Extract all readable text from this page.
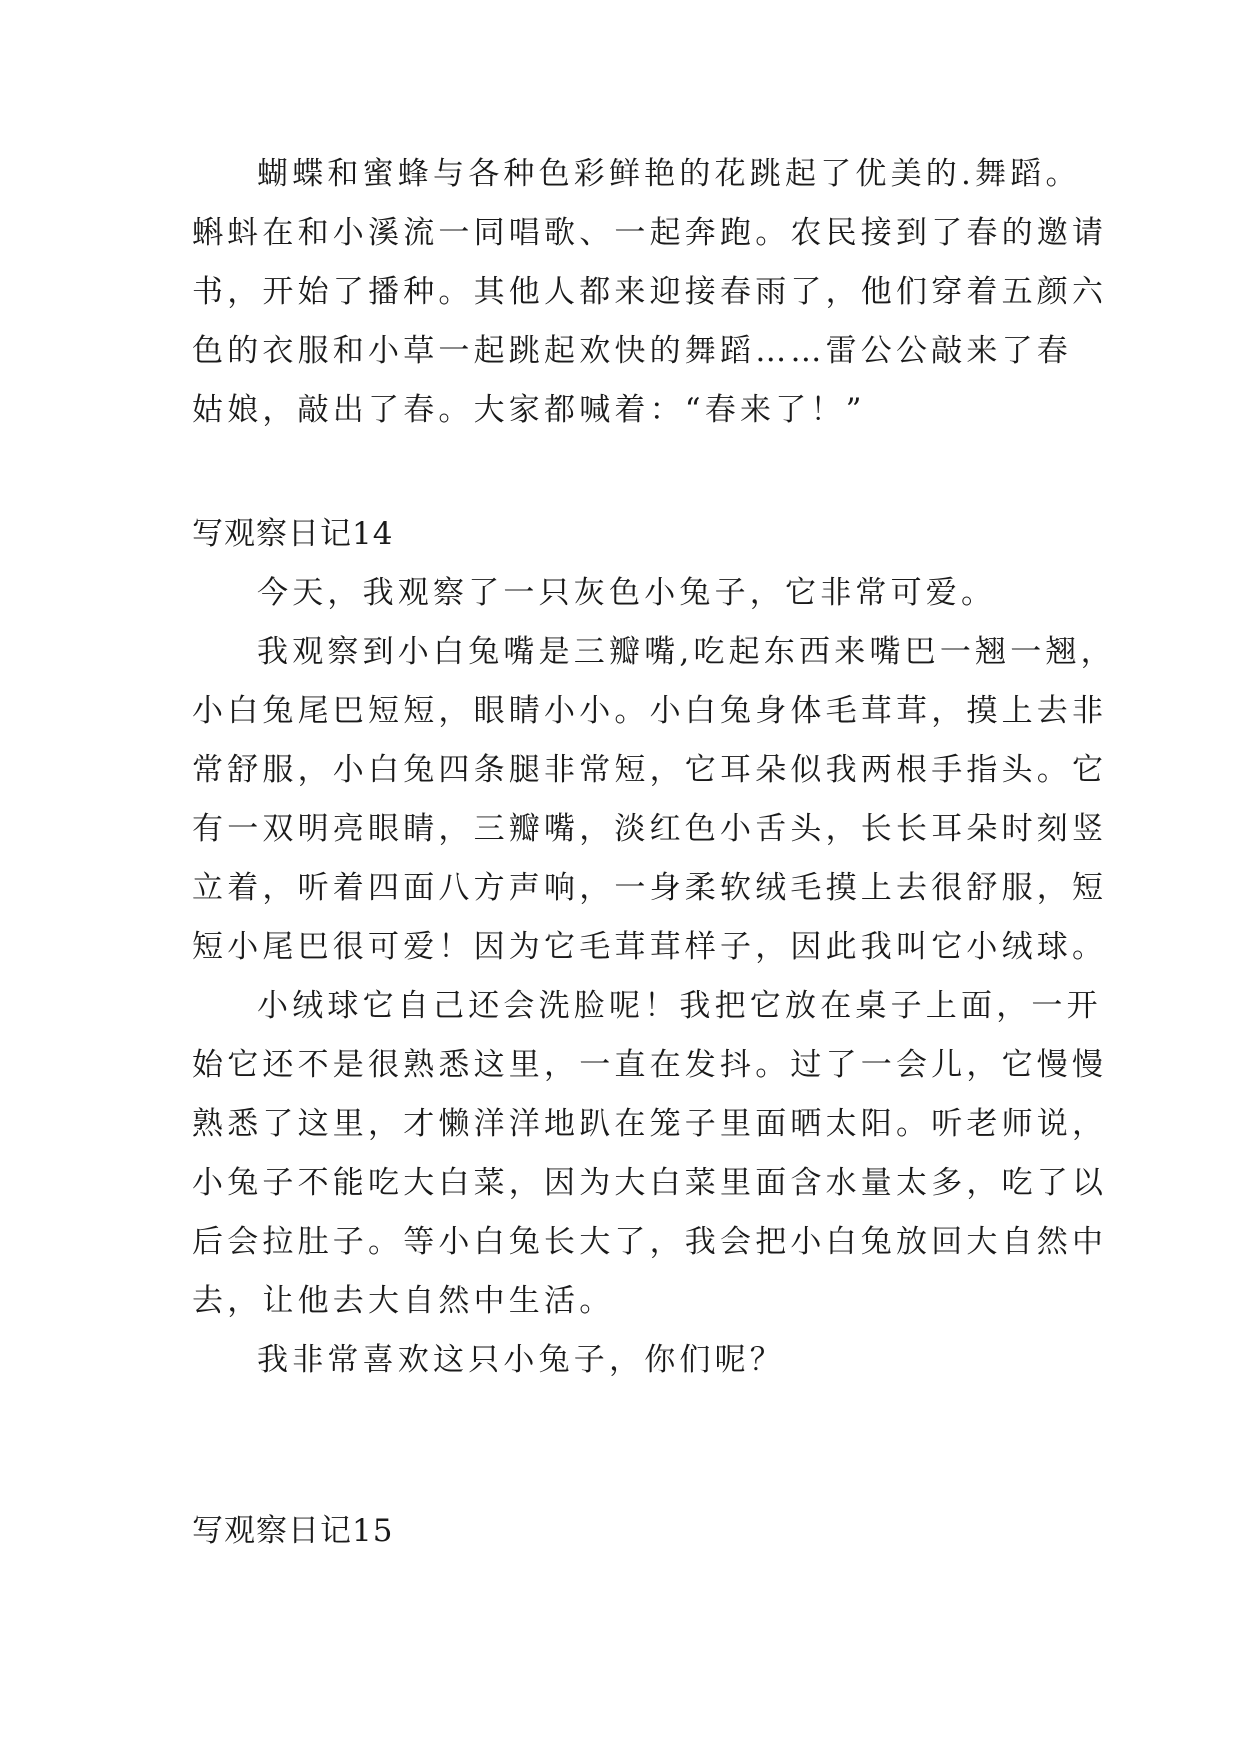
蝴蝶和蜜蜂与各种色彩鲜艳的花跳起了优美的.舞蹈。

蝌蚪在和小溪流一同唱歌、一起奔跑。农民接到了春的邀请

书，开始了播种。其他人都来迎接春雨了，他们穿着五颜六

色的衣服和小草一起跳起欢快的舞蹈……雷公公敲来了春

姑娘，敲出了春。大家都喊着：“春来了！”

写观察日记14

今天，我观察了一只灰色小兔子，它非常可爱。

我观察到小白兔嘴是三瓣嘴,吃起东西来嘴巴一翘一翘，

小白兔尾巴短短，眼睛小小。小白兔身体毛茸茸，摸上去非

常舒服，小白兔四条腿非常短，它耳朵似我两根手指头。它

有一双明亮眼睛，三瓣嘴，淡红色小舌头，长长耳朵时刻竖

立着，听着四面八方声响，一身柔软绒毛摸上去很舒服，短

短小尾巴很可爱！因为它毛茸茸样子，因此我叫它小绒球。

小绒球它自己还会洗脸呢！我把它放在桌子上面，一开

始它还不是很熟悉这里，一直在发抖。过了一会儿，它慢慢

熟悉了这里，才懒洋洋地趴在笼子里面晒太阳。听老师说，

小兔子不能吃大白菜，因为大白菜里面含水量太多，吃了以

后会拉肚子。等小白兔长大了，我会把小白兔放回大自然中

去，让他去大自然中生活。

我非常喜欢这只小兔子，你们呢？

写观察日记15
